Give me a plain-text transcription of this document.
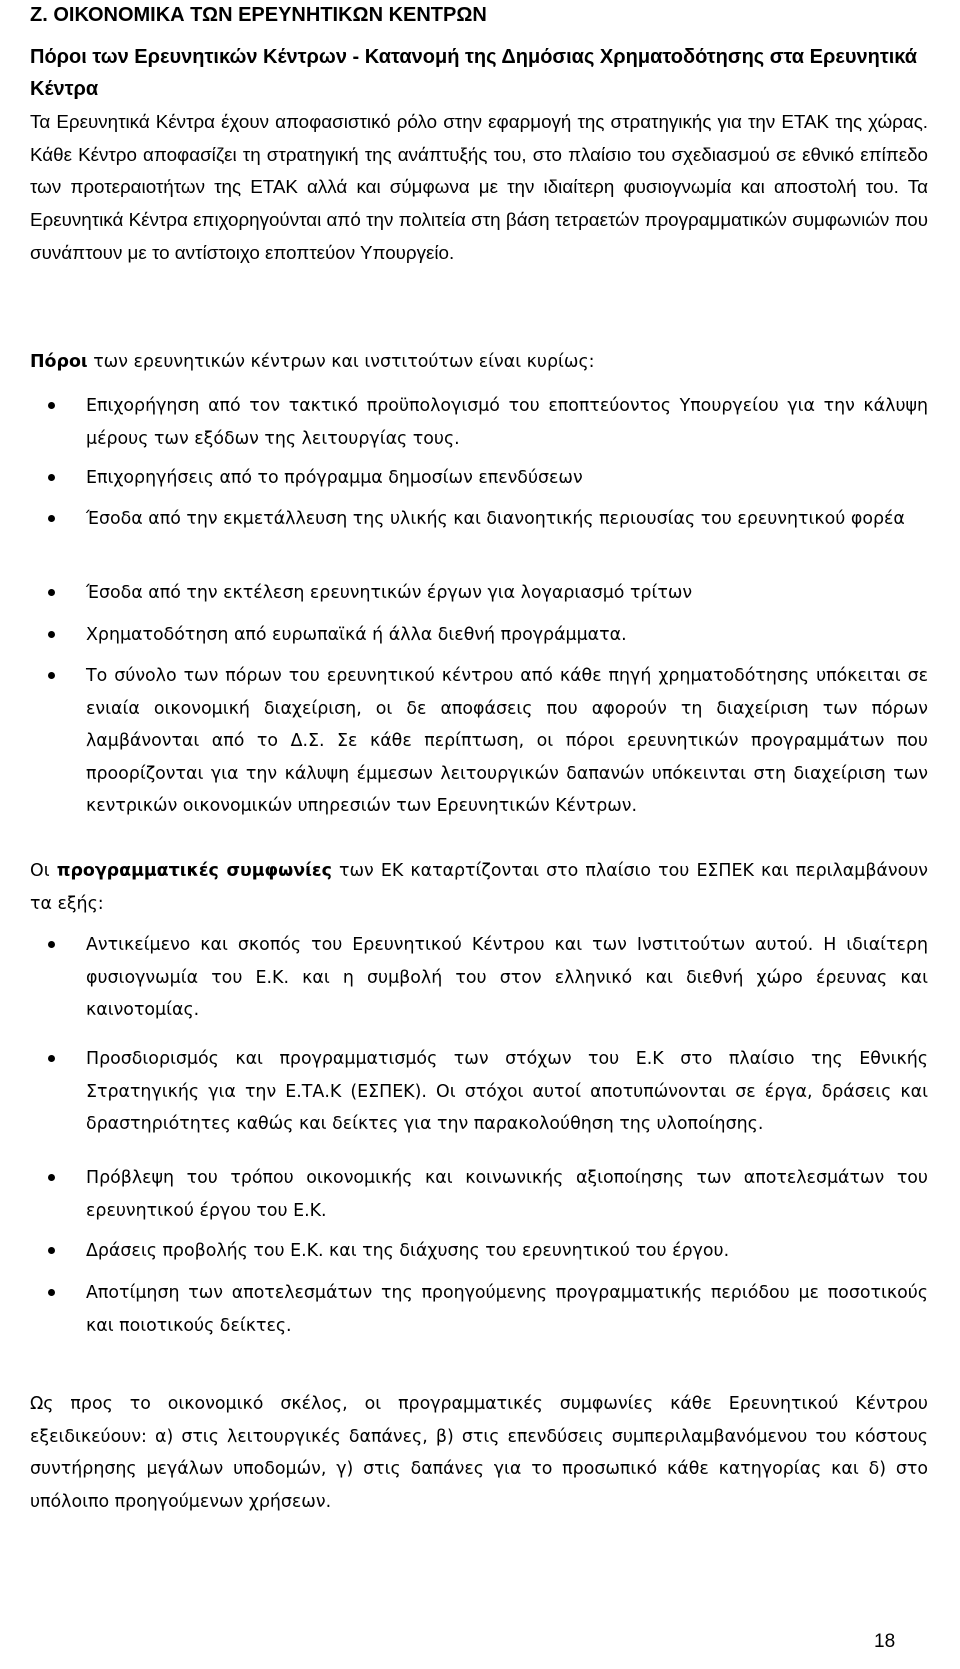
Ζ. ΟΙΚΟΝΟΜΙΚΑ ΤΩΝ ΕΡΕΥΝΗΤΙΚΩΝ ΚΕΝΤΡΩΝ
Πόροι των Ερευνητικών Κέντρων - Κατανομή της Δημόσιας Χρηματοδότησης στα Ερευνητικά Κέντρα

Τα Ερευνητικά Κέντρα έχουν αποφασιστικό ρόλο στην εφαρμογή της στρατηγικής για την ΕΤΑΚ της χώρας. Κάθε Κέντρο αποφασίζει τη στρατηγική της ανάπτυξής του, στο πλαίσιο του σχεδιασμού σε εθνικό επίπεδο των προτεραιοτήτων της ΕΤΑΚ αλλά και σύμφωνα με την ιδιαίτερη φυσιογνωμία και αποστολή του. Τα Ερευνητικά Κέντρα επιχορηγούνται από την πολιτεία στη βάση τετραετών προγραμματικών συμφωνιών που συνάπτουν με το αντίστοιχο εποπτεύον Υπουργείο.

Πόροι των ερευνητικών κέντρων και ινστιτούτων είναι κυρίως:

Επιχορήγηση από τον τακτικό προϋπολογισμό του εποπτεύοντος Υπουργείου για την κάλυψη μέρους των εξόδων της λειτουργίας τους.
Επιχορηγήσεις από το πρόγραμμα δημοσίων επενδύσεων
Έσοδα από την εκμετάλλευση της υλικής και διανοητικής περιουσίας του ερευνητικού φορέα
Έσοδα από την εκτέλεση ερευνητικών έργων για λογαριασμό τρίτων
Χρηματοδότηση από ευρωπαϊκά ή άλλα διεθνή προγράμματα.
Το σύνολο των πόρων του ερευνητικού κέντρου από κάθε πηγή χρηματοδότησης υπόκειται σε ενιαία οικονομική διαχείριση, οι δε αποφάσεις που αφορούν τη διαχείριση των πόρων λαμβάνονται από το Δ.Σ. Σε κάθε περίπτωση, οι πόροι ερευνητικών προγραμμάτων που προορίζονται για την κάλυψη έμμεσων λειτουργικών δαπανών υπόκεινται στη διαχείριση των κεντρικών οικονομικών υπηρεσιών των Ερευνητικών Κέντρων.

Οι προγραμματικές συμφωνίες των ΕΚ καταρτίζονται στο πλαίσιο του ΕΣΠΕΚ και περιλαμβάνουν τα εξής:

Αντικείμενο και σκοπός του Ερευνητικού Κέντρου και των Ινστιτούτων αυτού. Η ιδιαίτερη φυσιογνωμία του Ε.Κ. και η συμβολή του στον ελληνικό και διεθνή χώρο έρευνας και καινοτομίας.
Προσδιορισμός και προγραμματισμός των στόχων του Ε.Κ στο πλαίσιο της Εθνικής Στρατηγικής για την Ε.ΤΑ.Κ (ΕΣΠΕΚ). Οι στόχοι αυτοί αποτυπώνονται σε έργα, δράσεις και δραστηριότητες καθώς και δείκτες για την παρακολούθηση της υλοποίησης.
Πρόβλεψη του τρόπου οικονομικής και κοινωνικής αξιοποίησης των αποτελεσμάτων του ερευνητικού έργου του Ε.Κ.
Δράσεις προβολής του Ε.Κ. και της διάχυσης του ερευνητικού του έργου.
Αποτίμηση των αποτελεσμάτων της προηγούμενης προγραμματικής περιόδου με ποσοτικούς και ποιοτικούς δείκτες.

Ως προς το οικονομικό σκέλος, οι προγραμματικές συμφωνίες κάθε Ερευνητικού Κέντρου εξειδικεύουν: α) στις λειτουργικές δαπάνες, β) στις επενδύσεις συμπεριλαμβανόμενου του κόστους συντήρησης μεγάλων υποδομών, γ) στις δαπάνες για το προσωπικό κάθε κατηγορίας και δ) στο υπόλοιπο προηγούμενων χρήσεων.

18
